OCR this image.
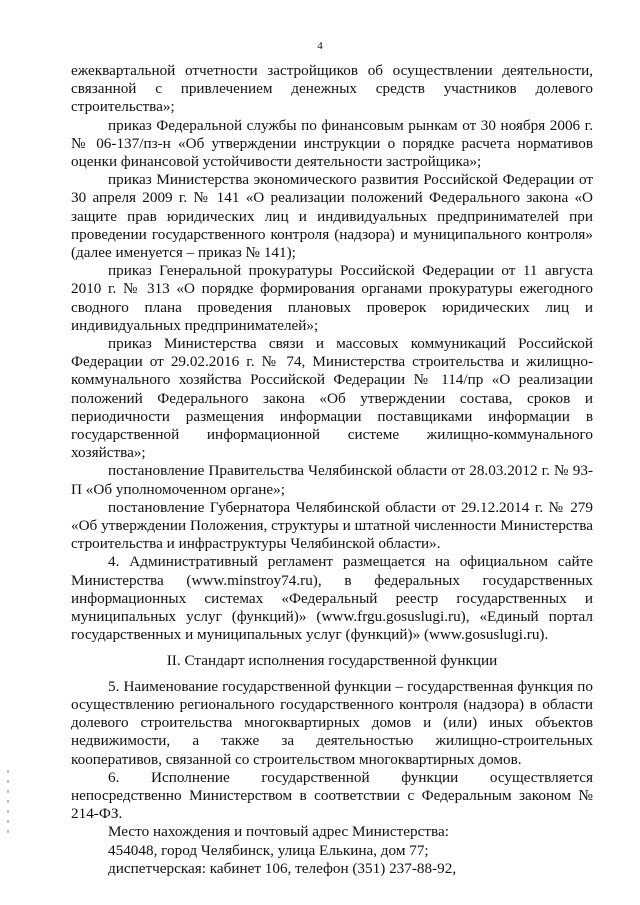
4

ежеквартальной отчетности застройщиков об осуществлении деятельности, связанной с привлечением денежных средств участников долевого строительства»;

приказ Федеральной службы по финансовым рынкам от 30 ноября 2006 г. № 06-137/пз-н «Об утверждении инструкции о порядке расчета нормативов оценки финансовой устойчивости деятельности застройщика»;

приказ Министерства экономического развития Российской Федерации от 30 апреля 2009 г. № 141 «О реализации положений Федерального закона «О защите прав юридических лиц и индивидуальных предпринимателей при проведении государственного контроля (надзора) и муниципального контроля» (далее именуется – приказ № 141);

приказ Генеральной прокуратуры Российской Федерации от 11 августа 2010 г. № 313 «О порядке формирования органами прокуратуры ежегодного сводного плана проведения плановых проверок юридических лиц и индивидуальных предпринимателей»;

приказ Министерства связи и массовых коммуникаций Российской Федерации от 29.02.2016 г. № 74, Министерства строительства и жилищно-коммунального хозяйства Российской Федерации № 114/пр «О реализации положений Федерального закона «Об утверждении состава, сроков и периодичности размещения информации поставщиками информации в государственной информационной системе жилищно-коммунального хозяйства»;

постановление Правительства Челябинской области от 28.03.2012 г. № 93-П «Об уполномоченном органе»;

постановление Губернатора Челябинской области от 29.12.2014 г. № 279 «Об утверждении Положения, структуры и штатной численности Министерства строительства и инфраструктуры Челябинской области».

4. Административный регламент размещается на официальном сайте Министерства (www.minstroy74.ru), в федеральных государственных информационных системах «Федеральный реестр государственных и муниципальных услуг (функций)» (www.frgu.gosuslugi.ru), «Единый портал государственных и муниципальных услуг (функций)» (www.gosuslugi.ru).

II. Стандарт исполнения государственной функции

5. Наименование государственной функции – государственная функция по осуществлению регионального государственного контроля (надзора) в области долевого строительства многоквартирных домов и (или) иных объектов недвижимости, а также за деятельностью жилищно-строительных кооперативов, связанной со строительством многоквартирных домов.

6. Исполнение государственной функции осуществляется непосредственно Министерством в соответствии с Федеральным законом № 214-ФЗ.

Место нахождения и почтовый адрес Министерства:

454048, город Челябинск, улица Елькина, дом 77;

диспетчерская: кабинет 106, телефон (351) 237-88-92,
